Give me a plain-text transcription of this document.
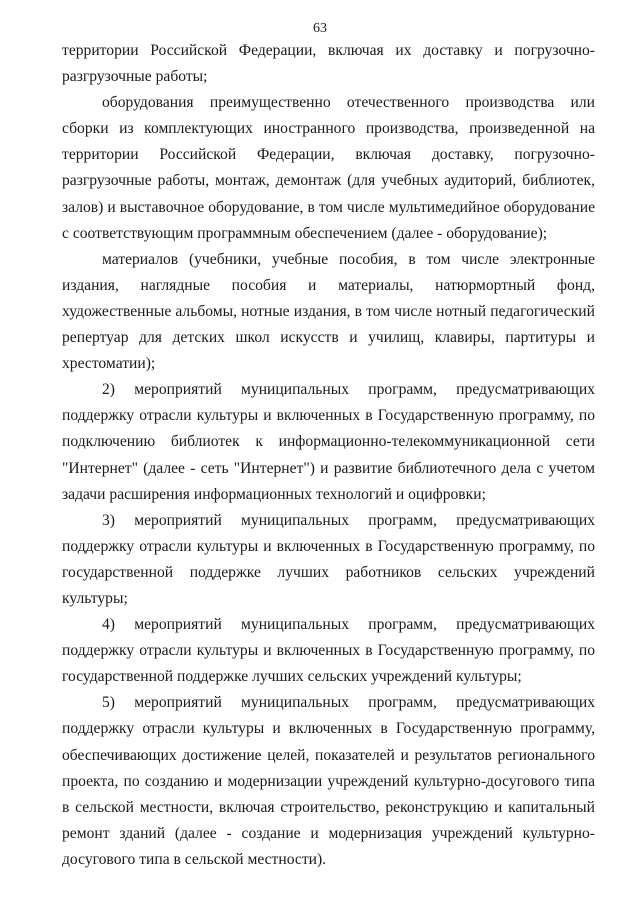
63

территории Российской Федерации, включая их доставку и погрузочно-разгрузочные работы;

оборудования преимущественно отечественного производства или сборки из комплектующих иностранного производства, произведенной на территории Российской Федерации, включая доставку, погрузочно-разгрузочные работы, монтаж, демонтаж (для учебных аудиторий, библиотек, залов) и выставочное оборудование, в том числе мультимедийное оборудование с соответствующим программным обеспечением (далее - оборудование);

материалов (учебники, учебные пособия, в том числе электронные издания, наглядные пособия и материалы, натюрмортный фонд, художественные альбомы, нотные издания, в том числе нотный педагогический репертуар для детских школ искусств и училищ, клавиры, партитуры и хрестоматии);

2) мероприятий муниципальных программ, предусматривающих поддержку отрасли культуры и включенных в Государственную программу, по подключению библиотек к информационно-телекоммуникационной сети "Интернет" (далее - сеть "Интернет") и развитие библиотечного дела с учетом задачи расширения информационных технологий и оцифровки;

3) мероприятий муниципальных программ, предусматривающих поддержку отрасли культуры и включенных в Государственную программу, по государственной поддержке лучших работников сельских учреждений культуры;

4) мероприятий муниципальных программ, предусматривающих поддержку отрасли культуры и включенных в Государственную программу, по государственной поддержке лучших сельских учреждений культуры;

5) мероприятий муниципальных программ, предусматривающих поддержку отрасли культуры и включенных в Государственную программу, обеспечивающих достижение целей, показателей и результатов регионального проекта, по созданию и модернизации учреждений культурно-досугового типа в сельской местности, включая строительство, реконструкцию и капитальный ремонт зданий (далее - создание и модернизация учреждений культурно-досугового типа в сельской местности).
